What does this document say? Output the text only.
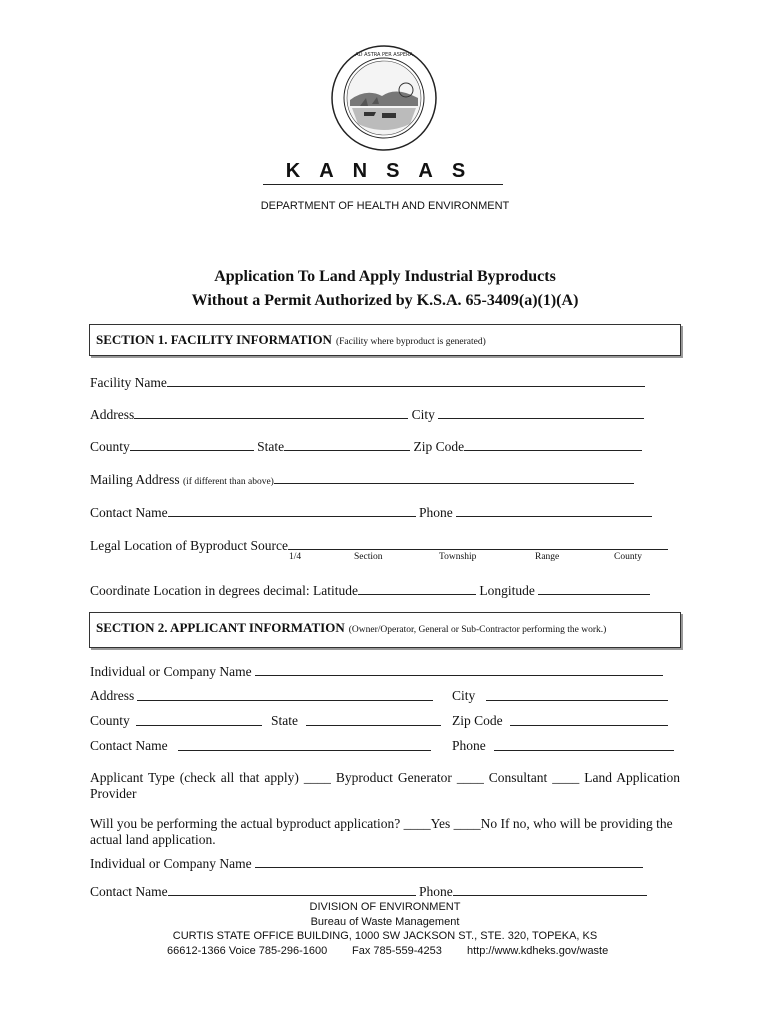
AD ASTRA PER ASPERA
KANSAS
DEPARTMENT OF HEALTH AND ENVIRONMENT
Application To Land Apply Industrial Byproducts
Without a Permit Authorized by K.S.A. 65-3409(a)(1)(A)
SECTION 1. FACILITY INFORMATION (Facility where byproduct is generated)
Facility Name
Address	City
County	State	Zip Code
Mailing Address (if different than above)
Contact Name	Phone
Legal Location of Byproduct Source
1/4	Section	Township	Range	County
Coordinate Location in degrees decimal: Latitude	Longitude
SECTION 2. APPLICANT INFORMATION (Owner/Operator, General or Sub-Contractor performing the work.)
Individual or Company Name
Address	City
County	State	Zip Code
Contact Name	Phone
Applicant Type (check all that apply) ____ Byproduct Generator ____ Consultant ____ Land Application Provider
Will you be performing the actual byproduct application? ____Yes ____No If no, who will be providing the actual land application.
Individual or Company Name
Contact Name	Phone
DIVISION OF ENVIRONMENT
Bureau of Waste Management
CURTIS STATE OFFICE BUILDING, 1000 SW JACKSON ST., STE. 320, TOPEKA, KS
66612-1366 Voice 785-296-1600 Fax 785-559-4253 http://www.kdheks.gov/waste
